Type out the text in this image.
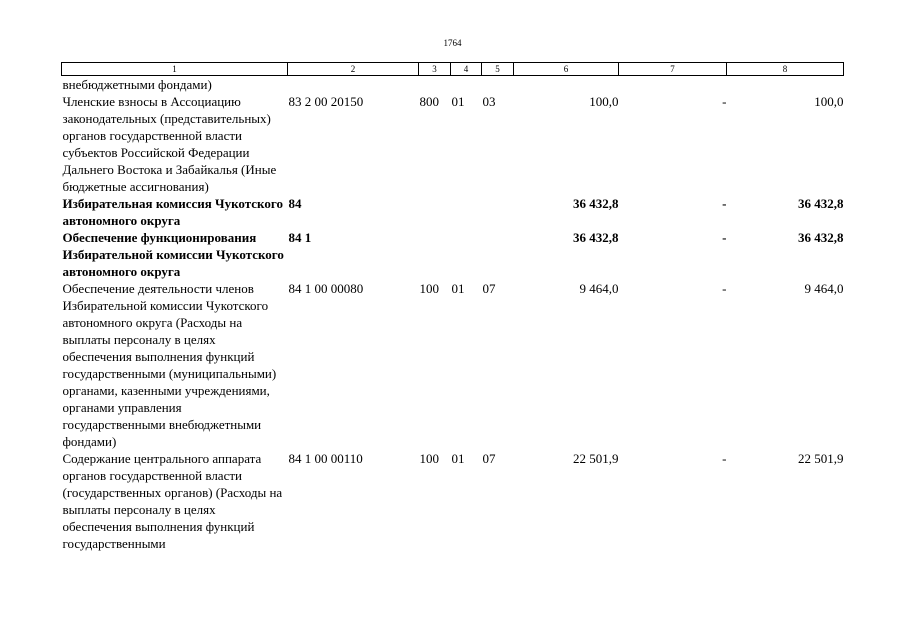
1764
1	2	3	4	5	6	7	8
внебюджетными фондами)							
Членские взносы в Ассоциацию законодательных (представительных) органов государственной власти субъектов Российской Федерации Дальнего Востока и Забайкалья (Иные бюджетные ассигнования)	83 2 00 20150	800	01	03	100,0	-	100,0
Избирательная комиссия Чукотского автономного округа	84				36 432,8	-	36 432,8
Обеспечение функционирования Избирательной комиссии Чукотского автономного округа	84 1				36 432,8	-	36 432,8
Обеспечение деятельности членов Избирательной комиссии Чукотского автономного округа (Расходы на выплаты персоналу в целях обеспечения выполнения функций государственными (муниципальными) органами, казенными учреждениями, органами управления государственными внебюджетными фондами)	84 1 00 00080	100	01	07	9 464,0	-	9 464,0
Содержание центрального аппарата органов государственной власти (государственных органов) (Расходы на выплаты персоналу в целях обеспечения выполнения функций государственными	84 1 00 00110	100	01	07	22 501,9	-	22 501,9
